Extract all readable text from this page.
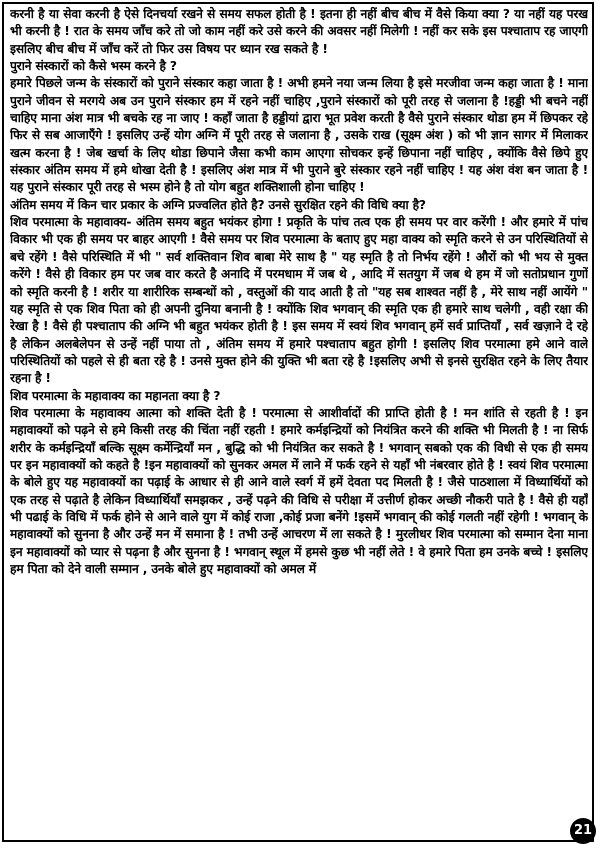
करनी है या सेवा करनी है ऐसे दिनचर्या रखने से समय सफल होती है ! इतना ही नहीं बीच बीच में वैसे किया क्या ? या नहीं यह परख भी करनी है ! रात के समय जाँच करे तो जो काम नहीं करे उसे करने की अवसर नहीं मिलेगी ! नहीं कर सके इस पश्चाताप रह जाएगी इसलिए बीच बीच में जाँच करें तो फिर उस विषय पर ध्यान रख सकते है !

पुराने संस्कारों को कैसे भस्म करने है ?

हमारे पिछले जन्म के संस्कारों को पुराने संस्कार कहा जाता है ! अभी हमने नया जन्म लिया है इसे मरजीवा जन्म कहा जाता है ! माना पुराने जीवन से मरगये अब उन पुराने संस्कार हम में रहने नहीं चाहिए ,पुराने संस्कारों को पूरी तरह से जलाना है !हड्डी भी बचने नहीं चाहिए माना अंश मात्र भी बचके रह ना जाए ! कहाँ जाता है हड्डीयां द्वारा भूत प्रवेश करती है वैसे पुराने संस्कार थोडा हम में छिपकर रहे फिर से सब आजाएँगे ! इसलिए उन्हें योग अग्नि में पूरी तरह से जलाना है , उसके राख (सूक्ष्म अंश ) को भी ज्ञान सागर में मिलाकर खत्म करना है ! जेब खर्चा के लिए थोडा छिपाने जैसा कभी काम आएगा सोचकर इन्हें छिपाना नहीं चाहिए , क्योंकि वैसे छिपे हुए संस्कार अंतिम समय में हमे धोखा देती है ! इसलिए अंश मात्र में भी पुराने बुरे संस्कार रहने नहीं चाहिए ! यह अंश वंश बन जाता है ! यह पुराने संस्कार पूरी तरह से भस्म होने है तो योग बहुत शक्तिशाली होना चाहिए !

अंतिम समय में किन चार प्रकार के अग्नि प्रज्वलित होते है? उनसे सुरक्षित रहने की विधि क्या है?

शिव परमात्मा के महावाक्य- अंतिम समय बहुत भयंकर होगा ! प्रकृति के पांच तत्व एक ही समय पर वार करेंगी ! और हमारे में पांच विकार भी एक ही समय पर बाहर आएगी ! वैसे समय पर शिव परमात्मा के बताए हुए महा वाक्य को स्मृति करने से उन परिस्थितियों से बचे रहेंगे ! वैसे परिस्थिति में भी " सर्व शक्तिवान शिव बाबा मेरे साथ है " यह स्मृति है तो निर्भय रहेंगे ! औरों को भी भय से मुक्त करेंगे ! वैसे ही विकार हम पर जब वार करते है अनादि में परमधाम में जब थे , आदि में सतयुग में जब थे हम में जो सतोप्रधान गुणों को स्मृति करनी है ! शरीर या शारीरिक सम्बन्धों को , वस्तुओं की याद आती है तो "यह सब शाश्वत नहीं है , मेरे साथ नहीं आयेंगे " यह स्मृति से एक शिव पिता को ही अपनी दुनिया बनानी है ! क्योंकि शिव भगवान् की स्मृति एक ही हमारे साथ चलेगी , वही रक्षा की रेखा है ! वैसे ही पश्चाताप की अग्नि भी बहुत भयंकर होती है ! इस समय में स्वयं शिव भगवान् हमें सर्व प्राप्तियाँ , सर्व खज़ाने दे रहे है लेकिन अलबेलेपन से उन्हें नहीं पाया तो , अंतिम समय में हमारे पश्चाताप बहुत होगी ! इसलिए शिव परमात्मा हमे आने वाले परिस्थितियों को पहले से ही बता रहे है ! उनसे मुक्त होने की युक्ति भी बता रहे है !इसलिए अभी से इनसे सुरक्षित रहने के लिए तैयार रहना है !

शिव परमात्मा के महावाक्य का महानता क्या है ?

शिव परमात्मा के महावाक्य आत्मा को शक्ति देती है ! परमात्मा से आशीर्वादों की प्राप्ति होती है ! मन शांति से रहती है ! इन महावाक्यों को पढ़ने से हमे किसी तरह की चिंता नहीं रहती ! हमारे कर्मइन्द्रियों को नियंत्रित करने की शक्ति भी मिलती है ! ना सिर्फ शरीर के कर्मइन्द्रियाँ बल्कि सूक्ष्म कर्मेन्द्रियाँ मन , बुद्धि को भी नियंत्रित कर सकते है ! भगवान् सबको एक की विधी से एक ही समय पर इन महावाक्यों को कहते है !इन महावाक्यों को सुनकर अमल में लाने में फर्क रहने से यहाँ भी नंबरवार होते है ! स्वयं शिव परमात्मा के बोले हुए यह महावाक्यों का पढ़ाई के आधार से ही आने वाले स्वर्ग में हमें देवता पद मिलती है ! जैसे पाठशाला में विध्यार्थियों को एक तरह से पढ़ाते है लेकिन विध्यार्थियाँ समझकर , उन्हें पढ़ने की विधि से परीक्षा में उत्तीर्ण होकर अच्छी नौकरी पाते है ! वैसे ही यहाँ भी पढाई के विधि में फर्क होने से आने वाले युग में कोई राजा ,कोई प्रजा बनेंगे !इसमें भगवान् की कोई गलती नहीं रहेगी ! भगवान् के महावाक्यों को सुनना है और उन्हें मन में समाना है ! तभी उन्हें आचरण में ला सकते है ! मुरलीधर शिव परमात्मा को सम्मान देना माना इन महावाक्यों को प्यार से पढ़ना है और सुनना है ! भगवान् स्थूल में हमसे कुछ भी नहीं लेते ! वे हमारे पिता हम उनके बच्चे ! इसलिए हम पिता को देने वाली सम्मान , उनके बोले हुए महावाक्यों को अमल में

21
